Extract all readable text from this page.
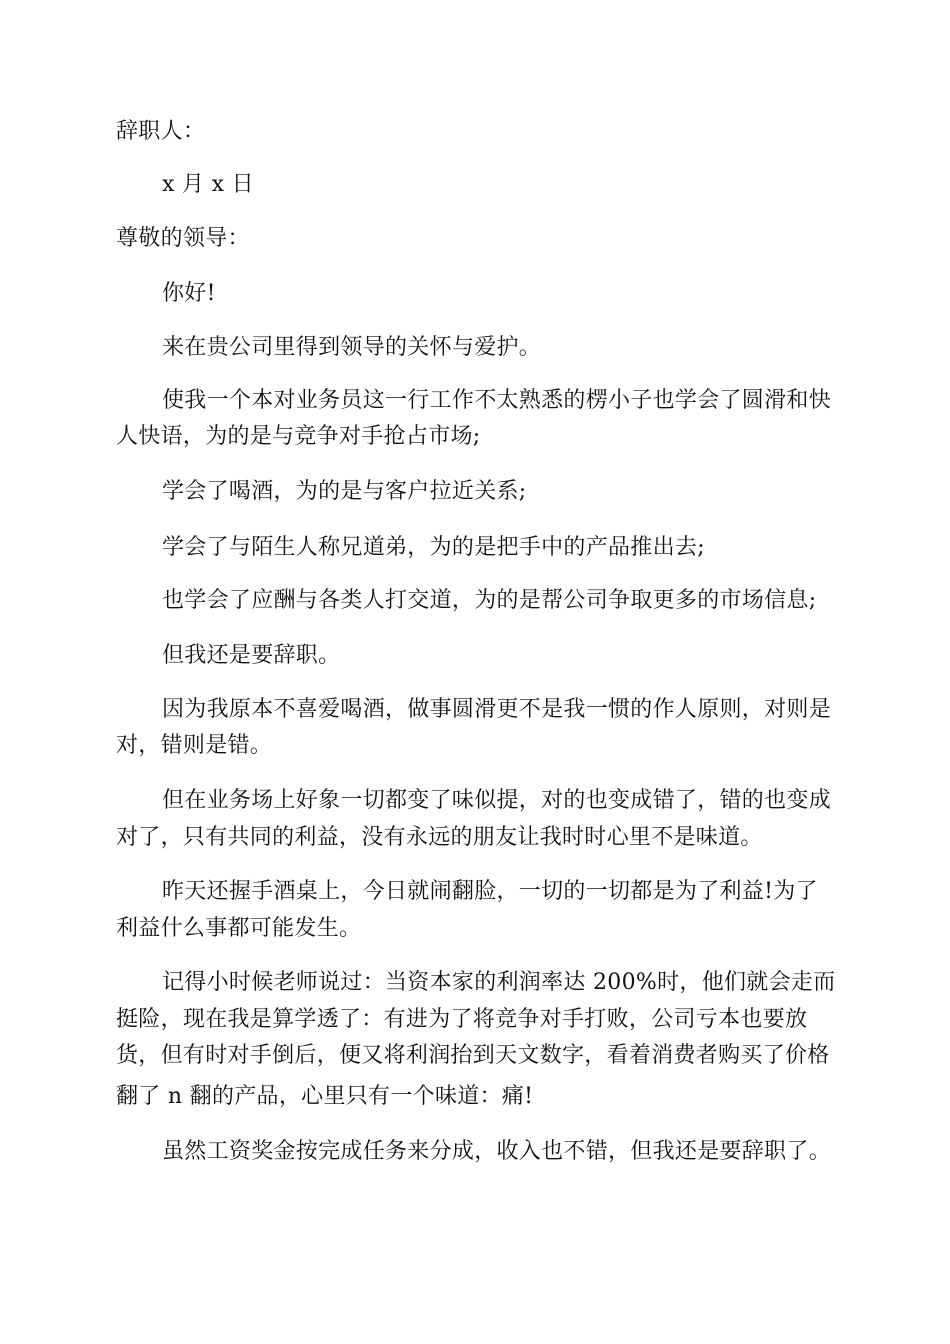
辞职人：
x 月 x 日
尊敬的领导：
你好!
来在贵公司里得到领导的关怀与爱护。
使我一个本对业务员这一行工作不太熟悉的楞小子也学会了圆滑和快
人快语，为的是与竞争对手抢占市场;
学会了喝酒，为的是与客户拉近关系;
学会了与陌生人称兄道弟，为的是把手中的产品推出去;
也学会了应酬与各类人打交道，为的是帮公司争取更多的市场信息;
但我还是要辞职。
因为我原本不喜爱喝酒，做事圆滑更不是我一惯的作人原则，对则是
对，错则是错。
但在业务场上好象一切都变了味似提，对的也变成错了，错的也变成
对了，只有共同的利益，没有永远的朋友让我时时心里不是味道。
昨天还握手酒桌上，今日就闹翻脸，一切的一切都是为了利益!为了
利益什么事都可能发生。
记得小时候老师说过：当资本家的利润率达 200%时，他们就会走而
挺险，现在我是算学透了：有进为了将竞争对手打败，公司亏本也要放
货，但有时对手倒后，便又将利润抬到天文数字，看着消费者购买了价格
翻了 n 翻的产品，心里只有一个味道：痛!
虽然工资奖金按完成任务来分成，收入也不错，但我还是要辞职了。
